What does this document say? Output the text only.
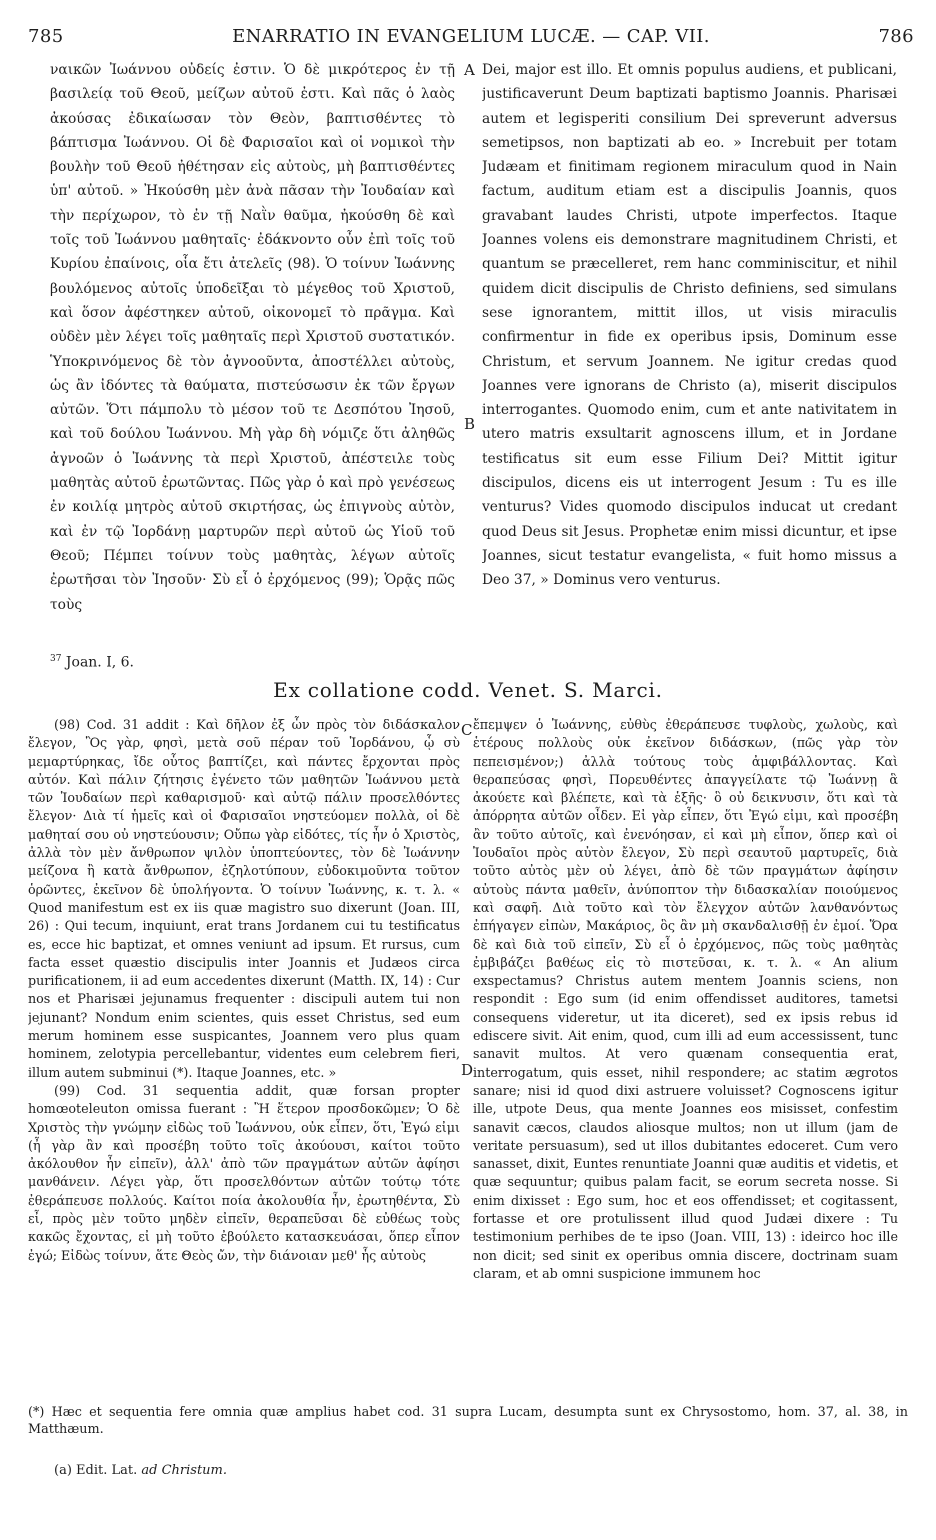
785	ENARRATIO IN EVANGELIUM LUCÆ. — CAP. VII.	78​6

ναικῶν Ἰωάννου οὐδείς ἐστιν. Ὁ δὲ μικρότερος ἐν τῇ βασιλείᾳ τοῦ Θεοῦ, μείζων αὐτοῦ ἐστι. Καὶ πᾶς ὁ λαὸς ἀκούσας ἐδικαίωσαν τὸν Θεὸν, βαπτισθέντες τὸ βάπτισμα Ἰωάννου. Οἱ δὲ Φαρισαῖοι καὶ οἱ νομικοὶ τὴν βουλὴν τοῦ Θεοῦ ἠθέτησαν εἰς αὐτοὺς, μὴ βαπτισθέντες ὑπ' αὐτοῦ. » Ἠκούσθη μὲν ἀνὰ πᾶσαν τὴν Ἰουδαίαν καὶ τὴν περίχωρον, τὸ ἐν τῇ Ναῒν θαῦμα, ἠκούσθη δὲ καὶ τοῖς τοῦ Ἰωάννου μαθηταῖς· ἐδάκνοντο οὖν ἐπὶ τοῖς τοῦ Κυρίου ἐπαίνοις, οἷα ἔτι ἀτελεῖς (98). Ὁ τοίνυν Ἰωάννης βουλόμενος αὐτοῖς ὑποδεῖξαι τὸ μέγεθος τοῦ Χριστοῦ, καὶ ὅσον ἀφέστηκεν αὐτοῦ, οἰκονομεῖ τὸ πρᾶγμα. Καὶ οὐδὲν μὲν λέγει τοῖς μαθηταῖς περὶ Χριστοῦ συστατικόν. Ὑποκρινόμενος δὲ τὸν ἀγνοοῦντα, ἀποστέλλει αὐτοὺς, ὡς ἂν ἰδόντες τὰ θαύματα, πιστεύσωσιν ἐκ τῶν ἔργων αὐτῶν. Ὅτι πάμπολυ τὸ μέσον τοῦ τε Δεσπότου Ἰησοῦ, καὶ τοῦ δούλου Ἰωάννου. Μὴ γὰρ δὴ νόμιζε ὅτι ἀληθῶς ἀγνοῶν ὁ Ἰωάννης τὰ περὶ Χριστοῦ, ἀπέστειλε τοὺς μαθητὰς αὐτοῦ ἐρωτῶντας. Πῶς γὰρ ὁ καὶ πρὸ γενέσεως ἐν κοιλίᾳ μητρὸς αὐτοῦ σκιρτήσας, ὡς ἐπιγνοὺς αὐτὸν, καὶ ἐν τῷ Ἰορδάνῃ μαρτυρῶν περὶ αὐτοῦ ὡς Υἱοῦ τοῦ Θεοῦ; Πέμπει τοίνυν τοὺς μαθητὰς, λέγων αὐτοῖς ἐρωτῆσαι τὸν Ἰησοῦν· Σὺ εἶ ὁ ἐρχόμενος (99); Ὁρᾷς πῶς τοὺς

A
B

Dei, major est illo. Et omnis populus audiens, et publicani, justificaverunt Deum baptizati baptismo Joannis. Pharisæi autem et legisperiti consilium Dei spreverunt adversus semetipsos, non baptizati ab eo. » Increbuit per totam Judæam et finitimam regionem miraculum quod in Nain factum, auditum etiam est a discipulis Joannis, quos gravabant laudes Christi, utpote imperfectos. Itaque Joannes volens eis demonstrare magnitudinem Christi, et quantum se præcelleret, rem hanc comminiscitur, et nihil quidem dicit discipulis de Christo definiens, sed simulans sese ignorantem, mittit illos, ut visis miraculis confirmentur in fide ex operibus ipsis, Dominum esse Christum, et servum Joannem. Ne igitur credas quod Joannes vere ignorans de Christo (a), miserit discipulos interrogantes. Quomodo enim, cum et ante nativitatem in utero matris exsultarit agnoscens illum, et in Jordane testificatus sit eum esse Filium Dei? Mittit igitur discipulos, dicens eis ut interrogent Jesum : Tu es ille venturus? Vides quomodo discipulos inducat ut credant quod Deus sit Jesus. Prophetæ enim missi dicuntur, et ipse Joannes, sicut testatur evangelista, « fuit homo missus a Deo 37, » Dominus vero venturus.

$^{37}$ Joan. I, 6.
Ex collatione codd. Venet. S. Marci.

(98) Cod. 31 addit : Καὶ δῆλον ἐξ ὧν πρὸς τὸν διδάσκαλον ἔλεγον, Ὃς γὰρ, φησὶ, μετὰ σοῦ πέραν τοῦ Ἰορδάνου, ᾧ σὺ μεμαρτύρηκας, ἴδε οὗτος βαπτίζει, καὶ πάντες ἔρχονται πρὸς αὐτόν. Καὶ πάλιν ζήτησις ἐγένετο τῶν μαθητῶν Ἰωάννου μετὰ τῶν Ἰουδαίων περὶ καθαρισμοῦ· καὶ αὐτῷ πάλιν προσελθόντες ἔλεγον· Διὰ τί ἡμεῖς καὶ οἱ Φαρισαῖοι νηστεύομεν πολλὰ, οἱ δὲ μαθηταί σου οὐ νηστεύουσιν; Οὔπω γὰρ εἰδότες, τίς ἦν ὁ Χριστὸς, ἀλλὰ τὸν μὲν ἄνθρωπον ψιλὸν ὑποπτεύοντες, τὸν δὲ Ἰωάννην μείζονα ἢ κατὰ ἄνθρωπον, ἐζηλοτύπουν, εὐδοκιμοῦντα τοῦτον ὁρῶντες, ἐκεῖνον δὲ ὑπολήγοντα. Ὁ τοίνυν Ἰωάννης, κ. τ. λ. « Quod manifestum est ex iis quæ magistro suo dixerunt (Joan. III, 26) : Qui tecum, inquiunt, erat trans Jordanem cui tu testificatus es, ecce hic baptizat, et omnes veniunt ad ipsum. Et rursus, cum facta esset quæstio discipulis inter Joannis et Judæos circa purificationem, ii ad eum accedentes dixerunt (Matth. IX, 14) : Cur nos et Pharisæi jejunamus frequenter : discipuli autem tui non jejunant? Nondum enim scientes, quis esset Christus, sed eum merum hominem esse suspicantes, Joannem vero plus quam hominem, zelotypia percellebantur, videntes eum celebrem fieri, illum autem subminui (*). Itaque Joannes, etc. »

(99) Cod. 31 sequentia addit, quæ forsan propter homœoteleuton omissa fuerant : Ἢ ἕτερον προσδοκῶμεν; Ὁ δὲ Χριστὸς τὴν γνώμην εἰδὼς τοῦ Ἰωάννου, οὐκ εἶπεν, ὅτι, Ἐγώ εἰμι (ἦ γὰρ ἂν καὶ προσέβη τοῦτο τοῖς ἀκούουσι, καίτοι τοῦτο ἀκόλουθον ἦν εἰπεῖν), ἀλλ' ἀπὸ τῶν πραγμάτων αὐτῶν ἀφίησι μανθάνειν. Λέγει γὰρ, ὅτι προσελθόντων αὐτῶν τούτῳ τότε ἐθεράπευσε πολλούς. Καίτοι ποία ἀκολουθία ἦν, ἐρωτηθέντα, Σὺ εἶ, πρὸς μὲν τοῦτο μηδὲν εἰπεῖν, θεραπεῦσαι δὲ εὐθέως τοὺς κακῶς ἔχοντας, εἰ μὴ τοῦτο ἐβούλετο κατασκευάσαι, ὅπερ εἶπον ἐγώ; Εἰδὼς τοίνυν, ἅτε Θεὸς ὤν, τὴν διάνοιαν μεθ' ἧς αὐτοὺς

C
D

ἔπεμψεν ὁ Ἰωάννης, εὐθὺς ἐθεράπευσε τυφλοὺς, χωλοὺς, καὶ ἑτέρους πολλοὺς οὐκ ἐκεῖνον διδάσκων, (πῶς γὰρ τὸν πεπεισμένον;) ἀλλὰ τούτους τοὺς ἀμφιβάλλοντας. Καὶ θεραπεύσας φησὶ, Πορευθέντες ἀπαγγείλατε τῷ Ἰωάννῃ ἃ ἀκούετε καὶ βλέπετε, καὶ τὰ ἑξῆς· ὃ οὐ δεικνυσιν, ὅτι καὶ τὰ ἀπόρρητα αὐτῶν οἶδεν. Εἰ γὰρ εἶπεν, ὅτι Ἐγώ εἰμι, καὶ προσέβη ἂν τοῦτο αὐτοῖς, καὶ ἐνενόησαν, εἰ καὶ μὴ εἶπον, ὅπερ καὶ οἱ Ἰουδαῖοι πρὸς αὐτὸν ἔλεγον, Σὺ περὶ σεαυτοῦ μαρτυρεῖς, διὰ τοῦτο αὐτὸς μὲν οὐ λέγει, ἀπὸ δὲ τῶν πραγμάτων ἀφίησιν αὐτοὺς πάντα μαθεῖν, ἀνύποπτον τὴν διδασκαλίαν ποιούμενος καὶ σαφῆ. Διὰ τοῦτο καὶ τὸν ἔλεγχον αὐτῶν λανθανόντως ἐπήγαγεν εἰπὼν, Μακάριος, ὃς ἂν μὴ σκανδαλισθῇ ἐν ἐμοί. Ὅρα δὲ καὶ διὰ τοῦ εἰπεῖν, Σὺ εἶ ὁ ἐρχόμενος, πῶς τοὺς μαθητὰς ἐμβιβάζει βαθέως εἰς τὸ πιστεῦσαι, κ. τ. λ. « An alium exspectamus? Christus autem mentem Joannis sciens, non respondit : Ego sum (id enim offendisset auditores, tametsi consequens videretur, ut ita diceret), sed ex ipsis rebus id ediscere sivit. Ait enim, quod, cum illi ad eum accessissent, tunc sanavit multos. At vero quænam consequentia erat, interrogatum, quis esset, nihil respondere; ac statim ægrotos sanare; nisi id quod dixi astruere voluisset? Cognoscens igitur ille, utpote Deus, qua mente Joannes eos misisset, confestim sanavit cæcos, claudos aliosque multos; non ut illum (jam de veritate persuasum), sed ut illos dubitantes edoceret. Cum vero sanasset, dixit, Euntes renuntiate Joanni quæ auditis et videtis, et quæ sequuntur; quibus palam facit, se eorum secreta nosse. Si enim dixisset : Ego sum, hoc et eos offendisset; et cogitassent, fortasse et ore protulissent illud quod Judæi dixere : Tu testimonium perhibes de te ipso (Joan. VIII, 13) : ideirco hoc ille non dicit; sed sinit ex operibus omnia discere, doctrinam suam claram, et ab omni suspicione immunem hoc

(*) Hæc et sequentia fere omnia quæ amplius habet cod. 31 supra Lucam, desumpta sunt ex Chrysostomo, hom. 37, al. 38, in Matthæum.
(a) Edit. Lat. ad Christum.
